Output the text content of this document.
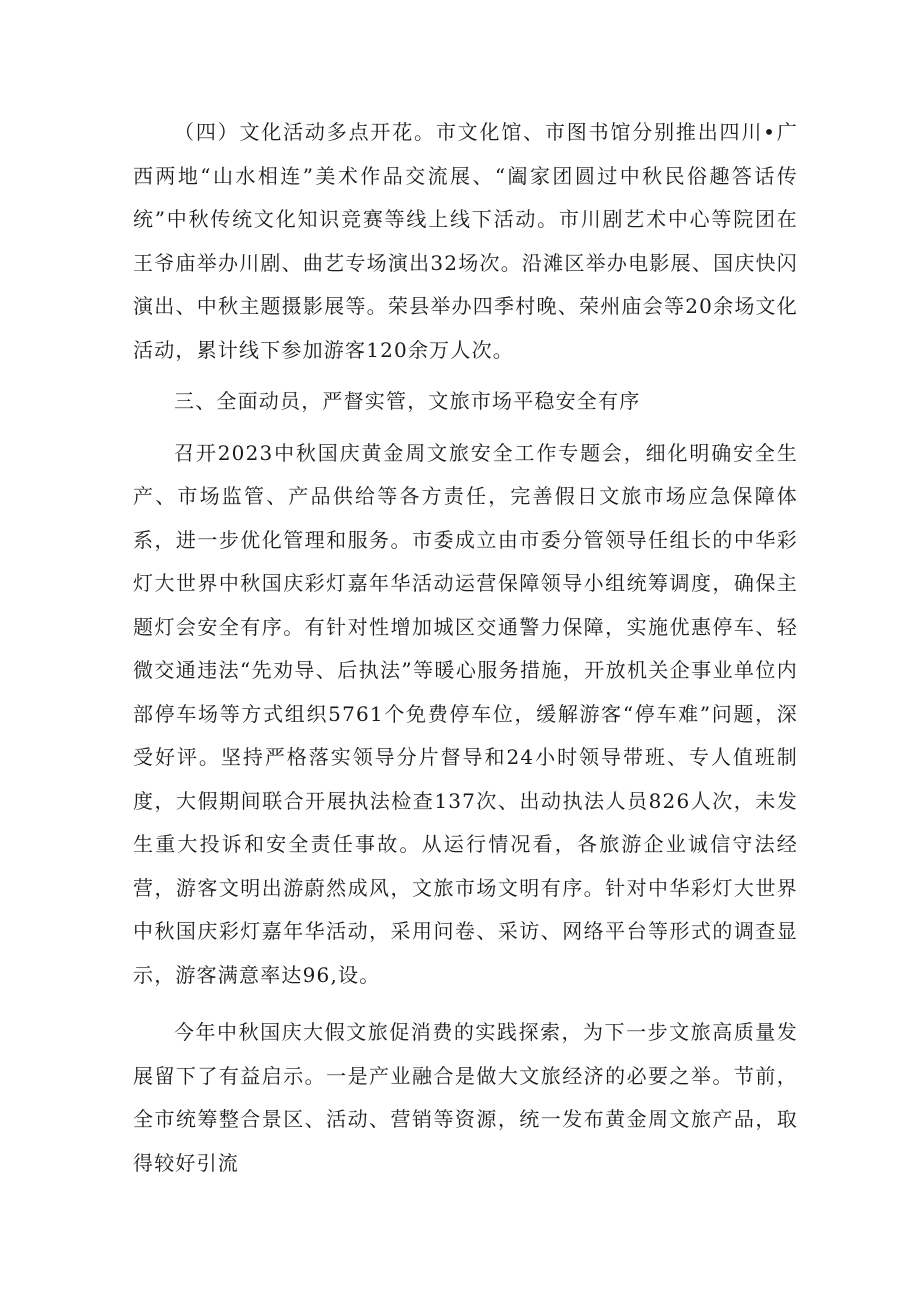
（四）文化活动多点开花。市文化馆、市图书馆分别推出四川•广西两地“山水相连”美术作品交流展、“阖家团圆过中秋民俗趣答话传统”中秋传统文化知识竞赛等线上线下活动。市川剧艺术中心等院团在王爷庙举办川剧、曲艺专场演出32场次。沿滩区举办电影展、国庆快闪演出、中秋主题摄影展等。荣县举办四季村晚、荣州庙会等20余场文化活动，累计线下参加游客120余万人次。

三、全面动员，严督实管，文旅市场平稳安全有序

召开2023中秋国庆黄金周文旅安全工作专题会，细化明确安全生产、市场监管、产品供给等各方责任，完善假日文旅市场应急保障体系，进一步优化管理和服务。市委成立由市委分管领导任组长的中华彩灯大世界中秋国庆彩灯嘉年华活动运营保障领导小组统筹调度，确保主题灯会安全有序。有针对性增加城区交通警力保障，实施优惠停车、轻微交通违法“先劝导、后执法”等暖心服务措施，开放机关企事业单位内部停车场等方式组织5761个免费停车位，缓解游客“停车难”问题，深受好评。坚持严格落实领导分片督导和24小时领导带班、专人值班制度，大假期间联合开展执法检查137次、出动执法人员826人次，未发生重大投诉和安全责任事故。从运行情况看，各旅游企业诚信守法经营，游客文明出游蔚然成风，文旅市场文明有序。针对中华彩灯大世界中秋国庆彩灯嘉年华活动，采用问卷、采访、网络平台等形式的调查显示，游客满意率达96,设。

今年中秋国庆大假文旅促消费的实践探索，为下一步文旅高质量发展留下了有益启示。一是产业融合是做大文旅经济的必要之举。节前，全市统筹整合景区、活动、营销等资源，统一发布黄金周文旅产品，取得较好引流
